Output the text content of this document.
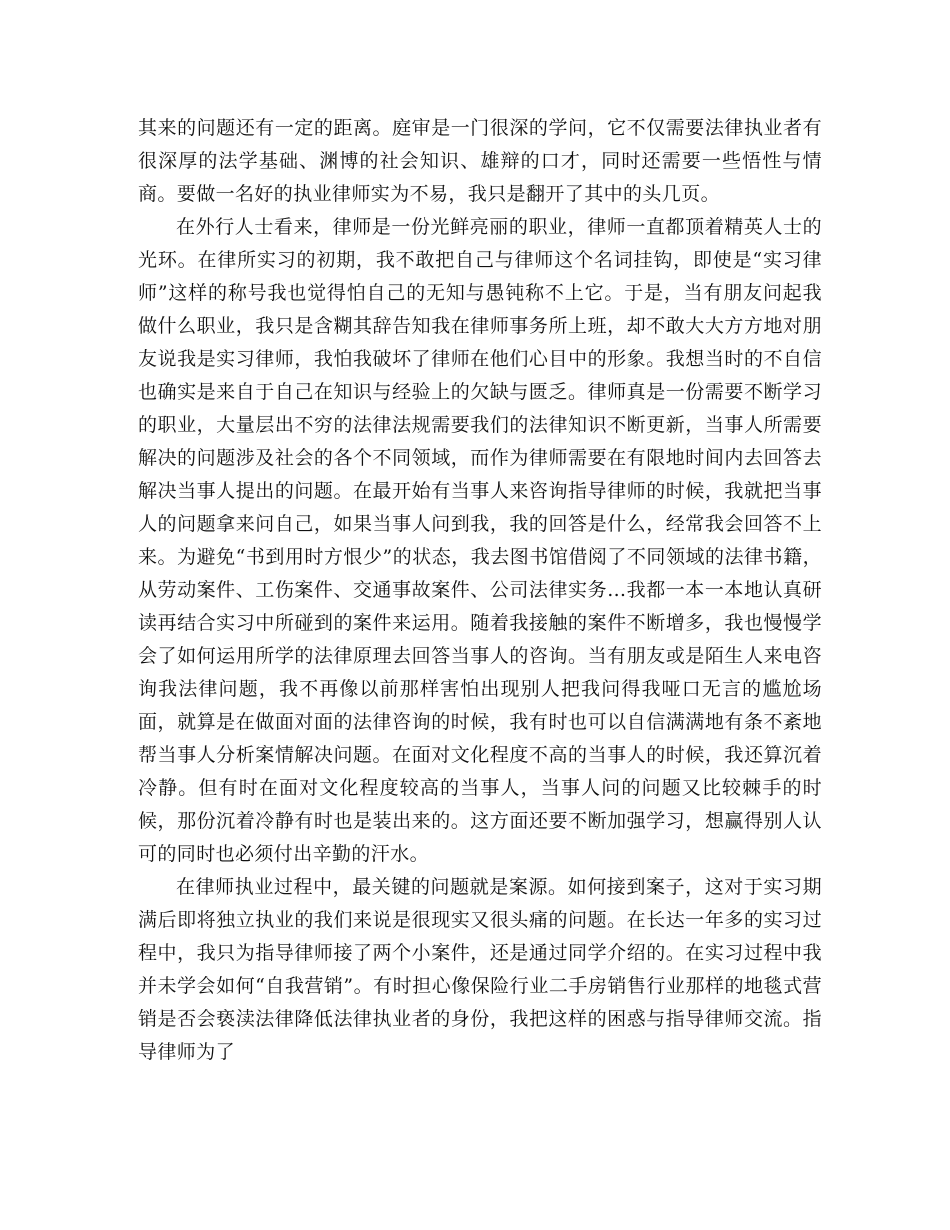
其来的问题还有一定的距离。庭审是一门很深的学问，它不仅需要法律执业者有很深厚的法学基础、渊博的社会知识、雄辩的口才，同时还需要一些悟性与情商。要做一名好的执业律师实为不易，我只是翻开了其中的头几页。

在外行人士看来，律师是一份光鲜亮丽的职业，律师一直都顶着精英人士的光环。在律所实习的初期，我不敢把自己与律师这个名词挂钩，即使是“实习律师”这样的称号我也觉得怕自己的无知与愚钝称不上它。于是，当有朋友问起我做什么职业，我只是含糊其辞告知我在律师事务所上班，却不敢大大方方地对朋友说我是实习律师，我怕我破坏了律师在他们心目中的形象。我想当时的不自信也确实是来自于自己在知识与经验上的欠缺与匮乏。律师真是一份需要不断学习的职业，大量层出不穷的法律法规需要我们的法律知识不断更新，当事人所需要解决的问题涉及社会的各个不同领域，而作为律师需要在有限地时间内去回答去解决当事人提出的问题。在最开始有当事人来咨询指导律师的时候，我就把当事人的问题拿来问自己，如果当事人问到我，我的回答是什么，经常我会回答不上来。为避免“书到用时方恨少”的状态，我去图书馆借阅了不同领域的法律书籍，从劳动案件、工伤案件、交通事故案件、公司法律实务…我都一本一本地认真研读再结合实习中所碰到的案件来运用。随着我接触的案件不断增多，我也慢慢学会了如何运用所学的法律原理去回答当事人的咨询。当有朋友或是陌生人来电咨询我法律问题，我不再像以前那样害怕出现别人把我问得我哑口无言的尴尬场面，就算是在做面对面的法律咨询的时候，我有时也可以自信满满地有条不紊地帮当事人分析案情解决问题。在面对文化程度不高的当事人的时候，我还算沉着冷静。但有时在面对文化程度较高的当事人，当事人问的问题又比较棘手的时候，那份沉着冷静有时也是装出来的。这方面还要不断加强学习，想赢得别人认可的同时也必须付出辛勤的汗水。

在律师执业过程中，最关键的问题就是案源。如何接到案子，这对于实习期满后即将独立执业的我们来说是很现实又很头痛的问题。在长达一年多的实习过程中，我只为指导律师接了两个小案件，还是通过同学介绍的。在实习过程中我并未学会如何“自我营销”。有时担心像保险行业二手房销售行业那样的地毯式营销是否会亵渎法律降低法律执业者的身份，我把这样的困惑与指导律师交流。指导律师为了
